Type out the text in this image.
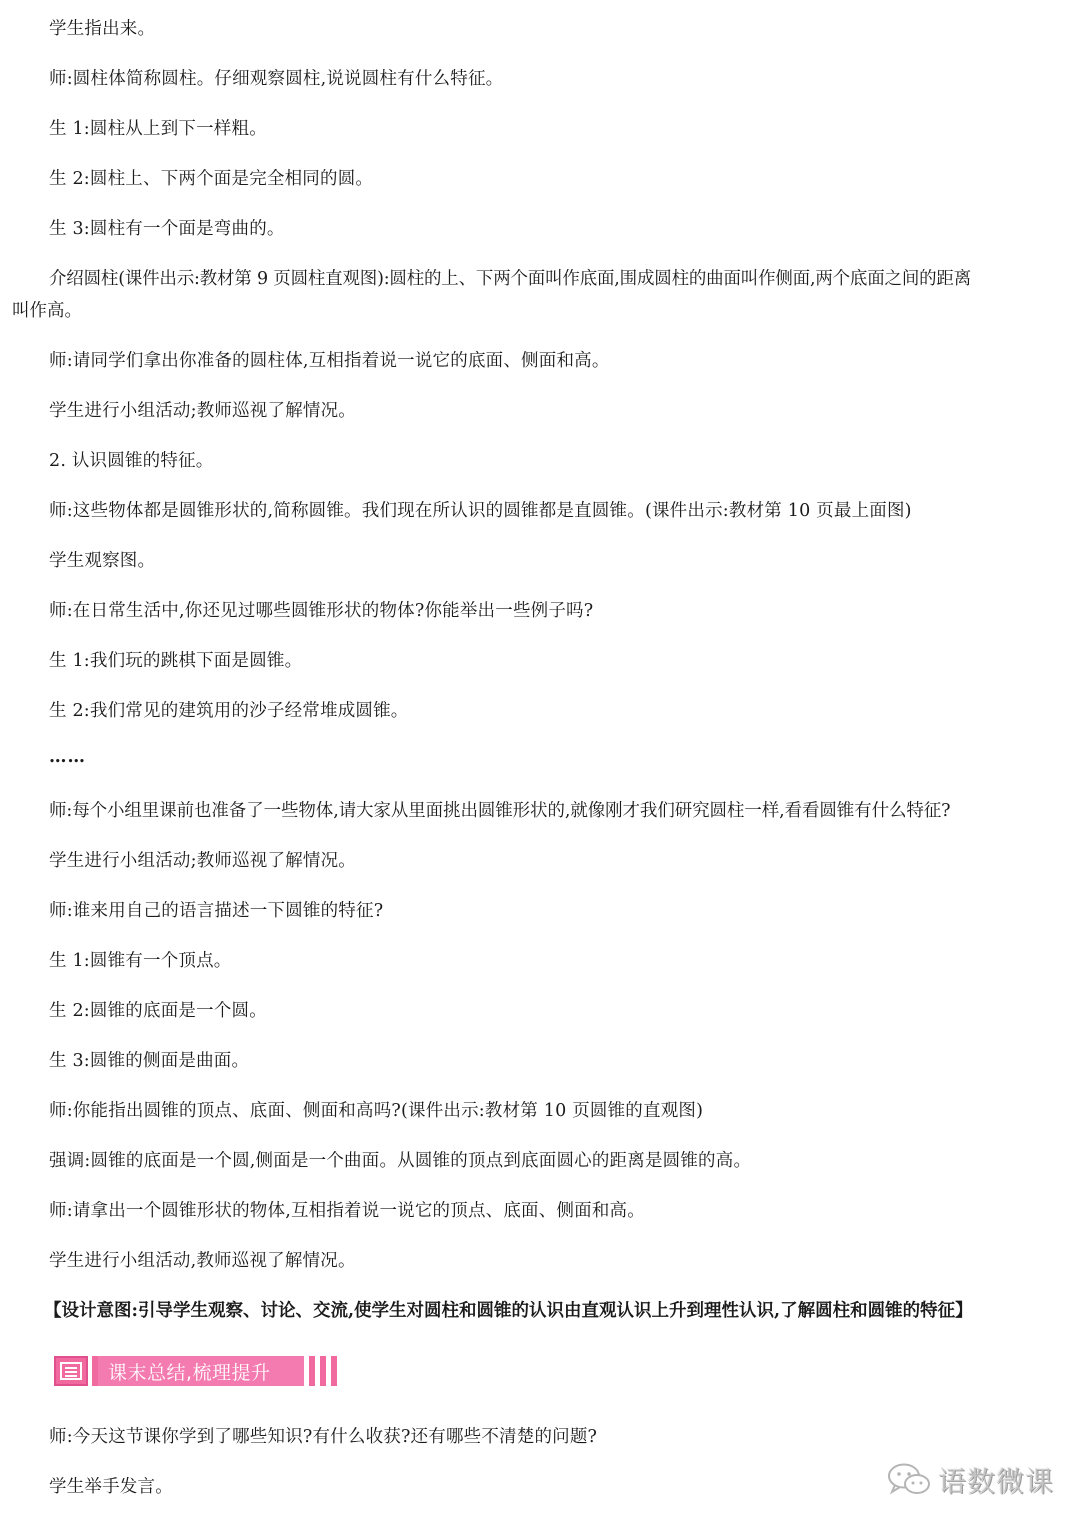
学生指出来。
师:圆柱体简称圆柱。仔细观察圆柱,说说圆柱有什么特征。
生 1:圆柱从上到下一样粗。
生 2:圆柱上、下两个面是完全相同的圆。
生 3:圆柱有一个面是弯曲的。
介绍圆柱(课件出示:教材第 9 页圆柱直观图):圆柱的上、下两个面叫作底面,围成圆柱的曲面叫作侧面,两个底面之间的距离
叫作高。
师:请同学们拿出你准备的圆柱体,互相指着说一说它的底面、侧面和高。
学生进行小组活动;教师巡视了解情况。
2. 认识圆锥的特征。
师:这些物体都是圆锥形状的,简称圆锥。我们现在所认识的圆锥都是直圆锥。(课件出示:教材第 10 页最上面图)
学生观察图。
师:在日常生活中,你还见过哪些圆锥形状的物体?你能举出一些例子吗?
生 1:我们玩的跳棋下面是圆锥。
生 2:我们常见的建筑用的沙子经常堆成圆锥。
……
师:每个小组里课前也准备了一些物体,请大家从里面挑出圆锥形状的,就像刚才我们研究圆柱一样,看看圆锥有什么特征?
学生进行小组活动;教师巡视了解情况。
师:谁来用自己的语言描述一下圆锥的特征?
生 1:圆锥有一个顶点。
生 2:圆锥的底面是一个圆。
生 3:圆锥的侧面是曲面。
师:你能指出圆锥的顶点、底面、侧面和高吗?(课件出示:教材第 10 页圆锥的直观图)
强调:圆锥的底面是一个圆,侧面是一个曲面。从圆锥的顶点到底面圆心的距离是圆锥的高。
师:请拿出一个圆锥形状的物体,互相指着说一说它的顶点、底面、侧面和高。
学生进行小组活动,教师巡视了解情况。
【设计意图:引导学生观察、讨论、交流,使学生对圆柱和圆锥的认识由直观认识上升到理性认识,了解圆柱和圆锥的特征】
课末总结,梳理提升
师:今天这节课你学到了哪些知识?有什么收获?还有哪些不清楚的问题?
学生举手发言。	语数微课
